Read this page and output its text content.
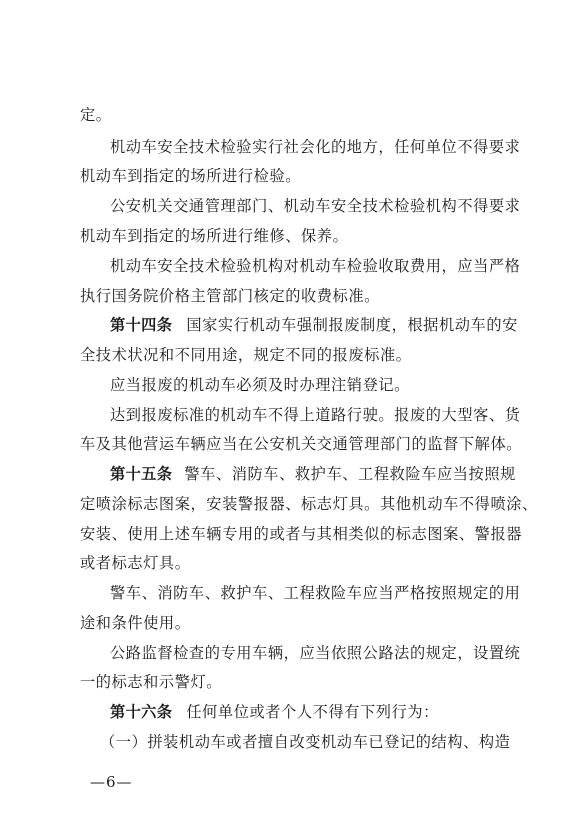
定。
机动车安全技术检验实行社会化的地方，任何单位不得要求
机动车到指定的场所进行检验。
公安机关交通管理部门、机动车安全技术检验机构不得要求
机动车到指定的场所进行维修、保养。
机动车安全技术检验机构对机动车检验收取费用，应当严格
执行国务院价格主管部门核定的收费标准。
第十四条 国家实行机动车强制报废制度，根据机动车的安
全技术状况和不同用途，规定不同的报废标准。
应当报废的机动车必须及时办理注销登记。
达到报废标准的机动车不得上道路行驶。报废的大型客、货
车及其他营运车辆应当在公安机关交通管理部门的监督下解体。
第十五条 警车、消防车、救护车、工程救险车应当按照规
定喷涂标志图案，安装警报器、标志灯具。其他机动车不得喷涂、
安装、使用上述车辆专用的或者与其相类似的标志图案、警报器
或者标志灯具。
警车、消防车、救护车、工程救险车应当严格按照规定的用
途和条件使用。
公路监督检查的专用车辆，应当依照公路法的规定，设置统
一的标志和示警灯。
第十六条 任何单位或者个人不得有下列行为：
（一）拼装机动车或者擅自改变机动车已登记的结构、构造
—6—
